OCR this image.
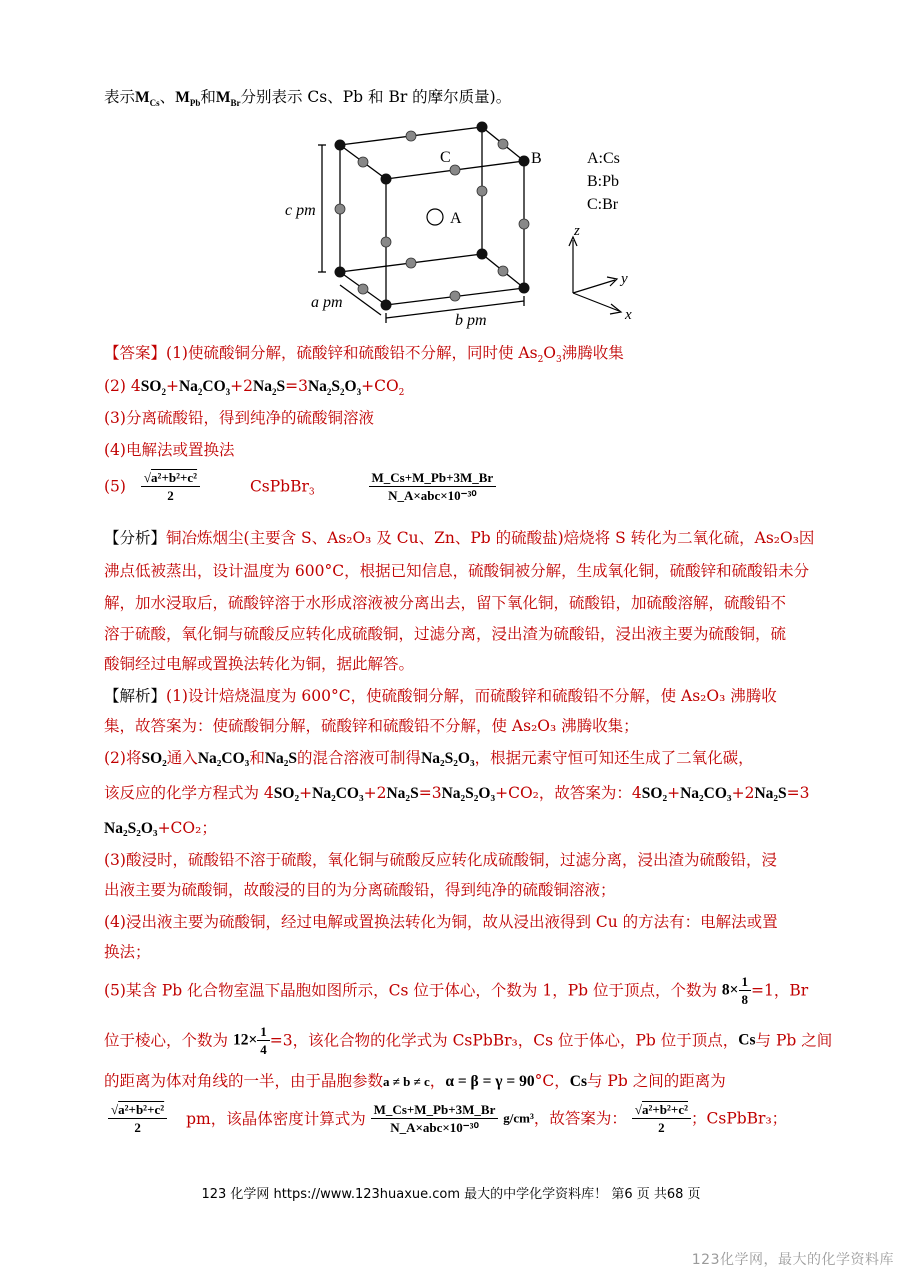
表示$M_{Cs}$、$M_{Pb}$和$M_{Br}$分别表示 Cs、Pb 和 Br 的摩尔质量)。
A
C	B
c pm
a pm
b pm
A:Cs
B:Pb
C:Br
z
y
x
【答案】(1)使硫酸铜分解，硫酸锌和硫酸铅不分解，同时使 $As_2O_3$沸腾收集
(2) $4SO_2+Na_2CO_3+2Na_2S=3Na_2S_2O_3+CO_2$
(3)分离硫酸铅，得到纯净的硫酸铜溶液
(4)电解法或置换法
$(5) \frac{\text{√a²+b²+c²}}{2}$	CsPbBr$_3$	$\frac{M\_Cs+M\_Pb+3M\_Br}{\text{N\_A×abc×10⁻³⁰}}$
【分析】铜冶炼烟尘(主要含 S、As₂O₃ 及 Cu、Zn、Pb 的硫酸盐)焙烧将 S 转化为二氧化硫，As₂O₃因
沸点低被蒸出，设计温度为 600°C，根据已知信息，硫酸铜被分解，生成氧化铜，硫酸锌和硫酸铅未分
解，加水浸取后，硫酸锌溶于水形成溶液被分离出去，留下氧化铜，硫酸铅，加硫酸溶解，硫酸铅不
溶于硫酸，氧化铜与硫酸反应转化成硫酸铜，过滤分离，浸出渣为硫酸铅，浸出液主要为硫酸铜，硫
酸铜经过电解或置换法转化为铜，据此解答。
【解析】(1)设计焙烧温度为 600°C，使硫酸铜分解，而硫酸锌和硫酸铅不分解，使 As₂O₃ 沸腾收
集，故答案为：使硫酸铜分解，硫酸锌和硫酸铅不分解，使 As₂O₃ 沸腾收集；
(2)将SO₂通入Na₂CO₃和Na₂S的混合溶液可制得Na₂S₂O₃，根据元素守恒可知还生成了二氧化碳，
该反应的化学方程式为 4SO₂+Na₂CO₃+2Na₂S=3Na₂S₂O₃+CO₂，故答案为：4SO₂+Na₂CO₃+2Na₂S=3
Na₂S₂O₃+CO₂；
(3)酸浸时，硫酸铅不溶于硫酸，氧化铜与硫酸反应转化成硫酸铜，过滤分离，浸出渣为硫酸铅，浸
出液主要为硫酸铜，故酸浸的目的为分离硫酸铅，得到纯净的硫酸铜溶液；
(4)浸出液主要为硫酸铜，经过电解或置换法转化为铜，故从浸出液得到 Cu 的方法有：电解法或置
换法；
(5)某含 Pb 化合物室温下晶胞如图所示，Cs 位于体心，个数为 1，Pb 位于顶点，个数为 $8\times \frac{1}{8} =1$，Br
位于棱心，个数为 $12\times \frac{1}{4} =3$，该化合物的化学式为 CsPbBr₃，Cs 位于体心，Pb 位于顶点，Cs与 Pb 之间
的距离为体对角线的一半，由于晶胞参数a ≠ b ≠ c，α = β = γ = 90°C，Cs与 Pb 之间的距离为
$\frac{\text{√a²+b²+c²}}{2}$ pm，该晶体密度计算式为 $\frac{M\_Cs+M\_Pb+3M\_Br}{\text{N\_A×abc×10⁻³⁰}} g/cm^3$，故答案为： $\frac{\text{√a²+b²+c²}}{2}$ ；CsPbBr₃；
123 化学网 https://www.123huaxue.com 最大的中学化学资料库！ 第6 页 共68 页
123化学网，最大的化学资料库
